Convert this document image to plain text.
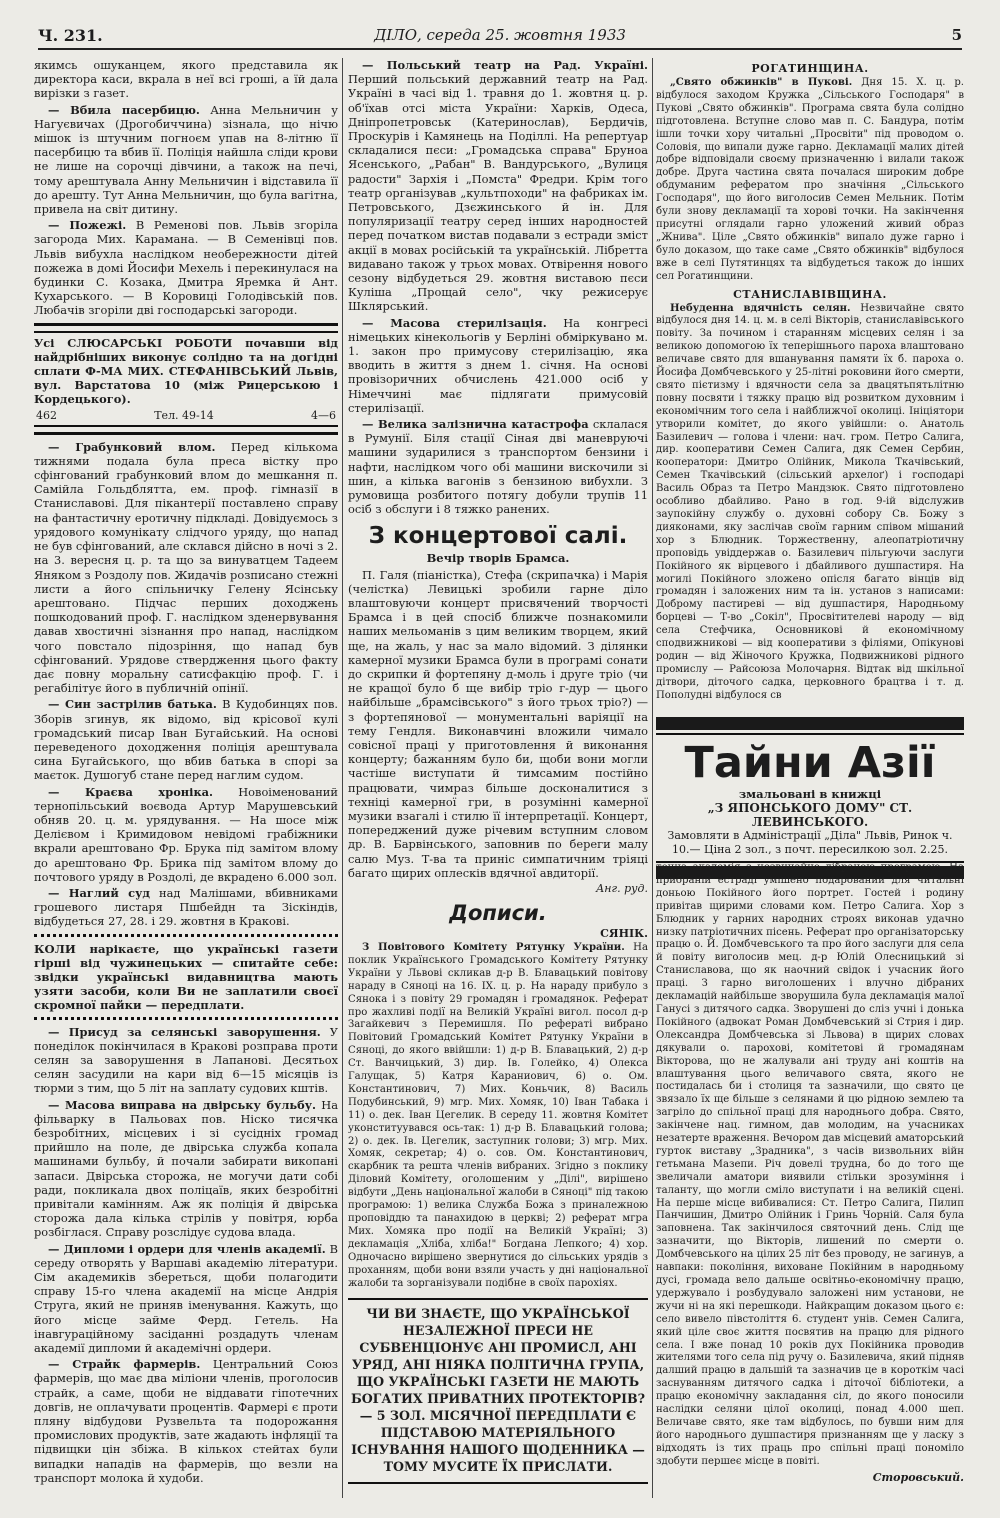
Ч. 231.	ДІЛО, середа 25. жовтня 1933	5

якимсь ошуканцем, якого представила як директора каси, вкрала в неї всі гроші, а їй дала вирізки з газет.

— Вбила пасербицю. Анна Мельничин у Нагуєвичах (Дрогобиччина) зізнала, що нічю мішок із штучним погноєм упав на 8-літню її пасербицю та вбив її. Поліція найшла сліди крови не лише на сорочці дівчини, а також на печі, тому арештувала Анну Мельничин і відставила її до арешту. Тут Анна Мельничин, що була вагітна, привела на світ дитину.

— Пожежі. В Ременові пов. Львів згоріла загорода Мих. Карамана. — В Семенівці пов. Львів вибухла наслідком необережности дітей пожежа в домі Йосифи Мехель і перекинулася на будинки С. Козака, Дмитра Яремка й Ант. Кухарського. — В Коровиці Голодівській пов. Любачів згоріли дві господарські загороди.

Усі СЛЮСАРСЬКІ РОБОТИ почавши від найдрібніших виконує солідно та на догідні сплати Ф-МА МИХ. СТЕФАНІВСЬКИЙ Львів, вул. Варстатова 10 (між Рицерською і Кордецького).

462	Тел. 49-14	4—6

— Грабунковий влом. Перед кількома тижнями подала була преса вістку про сфінгований грабунковий влом до мешкання п. Самійла Гольдблятта, ем. проф. гімназії в Станиславові. Для пікантерії поставлено справу на фантастичну еротичну підкладі. Довідуємось з урядового комунікату слідчого уряду, що напад не був сфінгований, але склався дійсно в ночі з 2. на 3. вересня ц. р. та що за винуватцем Тадеем Яняком з Роздолу пов. Жидачів розписано стежні листи а його спільничку Гелену Ясінську арештовано. Підчас перших доходжень пошкодований проф. Г. наслідком зденервування давав хвостичні зізнання про напад, наслідком чого повстало підозріння, що напад був сфінгований. Урядове ствердження цього факту дає повну моральну сатисфакцію проф. Г. і регабілітує його в публичній опінії.

— Син застрілив батька. В Кудобинцях пов. Зборів згинув, як відомо, від крісової кулі громадський писар Іван Бугайський. На основі переведеного доходження поліція арештувала сина Бугайського, що вбив батька в спорі за маєток. Душогуб стане перед наглим судом.

— Краєва хроніка. Новоіменований тернопільський воєвода Артур Марушевський обняв 20. ц. м. урядування. — На шосе між Делієвом і Кримидовом невідомі грабіжники вкрали арештовано Фр. Брука під замітом вломy до арештовано Фр. Брика під замітом вломy до почтового уряду в Роздолі, де вкрадено 6.000 зол.

— Наглий суд над Малішами, вбивниками грошевого листаря Пшбейдн та Зіскіндів, відбудеться 27, 28. і 29. жовтня в Кракові.

КОЛИ нарікаєте, що українські газети гірші від чужинецьких — спитайте себе: звідки українські видавництва мають узяти засоби, коли Ви не заплатили своєї скромної пайки — передплати.

— Присуд за селянські заворушення. У понеділок покінчилася в Кракові розправа проти селян за заворушення в Лапанові. Десятьох селян засудили на кари від 6—15 місяців із тюрми з тим, що 5 літ на заплату судових кштів.

— Масова виправа на двірську бульбу. На фільварку в Пальоваx пов. Ніско тисячка безробітних, місцевих і зі сусідніх громад прийшло на поле, де двірська служба копала машинами бульбу, й почали забирати викопані запаси. Двірська сторожа, не могучи дати собі ради, покликала двох поліцаїв, яких безробітні привітали камінням. Аж як поліція й двірська сторожа дала кілька стрілів у повітря, юрба розбіглася. Справу розслідує судова влада.

— Дипломи і ордери для членів академії. В середу отворять у Варшаві академію літератури. Сім академиків збереться, щоби полагодити справу 15-го члена академії на місце Андрія Струга, який не приняв іменування. Кажуть, що його місце займе Ферд. Гетель. На інавгураційному засіданні роздадуть членам академії дипломи й академічні ордери.

— Страйк фармерів. Центральний Союз фармерів, що має два міліони членів, проголосив страйк, а саме, щоби не віддавати гіпотечних довгів, не оплачувати процентів. Фармері є проти пляну відбудови Рузвельта та подорожання промислових продуктів, зате жадають інфляції та підвищки цін збіжа. В кількох стейтах були випадки нападів на фармерів, що везли на транспорт молока й худоби.

— Польський театр на Рад. Україні. Перший польський державний театр на Рад. Україні в часі від 1. травня до 1. жовтня ц. р. об'їхав отсі міста України: Харків, Одеса, Дніпропетровськ (Катеринослав), Бердичів, Проскурів і Камянець на Поділлі. На репертуар складалися пєси: „Громадська справа" Бруноа Ясенського, „Рабан" В. Вандурського, „Вулиця радости" Зархія і „Помста" Фредри. Крім того театр організував „культпоходи" на фабриках ім. Петровського, Дзєжинського й ін. Для популяризації театру серед інших народностей перед початком вистав подавали з естради зміст акції в мовах російській та українській. Лібретта видавано також у трьох мовах. Отвірення нового сезону відбудеться 29. жовтня виставою пєси Куліша „Прощай село", чку режисерує Шклярський.

— Масова стерилізація. На конгресі німецьких кінекольогів у Берліні обміркувано м. 1. закон про примусову стерилізацію, яка вводить в життя з днем 1. січня. На основі провізоричних обчислень 421.000 осіб у Німеччині має підлягати примусовій стерилізації.

— Велика залізнична катастрофа склалася в Румунії. Біля стації Сіная дві маневруючі машини зударилися з транспортом бензини і нафти, наслідком чого обі машини вискочили зі шин, а кілька вагонів з бензиною вибухли. З румовища розбитого потягу добули трупів 11 осіб з обслуги і 8 тяжко ранених.

З концертової салі.
Вечір творів Брамса.

П. Галя (піаністка), Стефа (скрипачка) і Марія (челістка) Левицькі зробили гарне діло влаштовуючи концерт присвячений творчості Брамса і в цей спосіб ближче познакомили наших мельоманів з цим великим творцем, який ще, на жаль, у нас за мало відомий. З ділянки камерної музики Брамса були в програмі сонати до скрипки й фортепяну д-моль і друге тріо (чи не кращої було б ще вибір тріо г-дур — цього найбільше „брамсівського" з його трьох тріо?) — з фортепянової — монументальні варіяції на тему Гендля. Виконавчині вложили чимало совісної праці у приготовлення й виконання концерту; бажанням було би, щоби вони могли частіше виступати й тимсамим постійно працювати, чимраз більше досконалитися з техніці камерної гри, в розумінні камерної музики взагалі і стилю її інтерпретації. Концерт, попереджений дуже річевим вступним словом др. В. Барвінського, заповнив по береги малу салю Муз. Т-ва та приніс симпатичним тріяці багато щирих оплесків вдячної авдиторії.

Анг. руд.
Дописи.
СЯНІК.

З Повітового Комітету Рятунку України. На поклик Українського Громадського Комітету Рятунку України у Львові скликав д-р В. Блавацький повітову нараду в Сяноці на 16. IX. ц. р. На нараду прибуло з Сянока і з повіту 29 громадян і громадянок. Реферат про жахливі події на Великій Україні вигол. посол д-р Загайкевич з Перемишля. По рефераті вибрано Повітовий Громадський Комітет Рятунку України в Сяноці, до якого ввійшли: 1) д-р В. Блавацький, 2) д-р Ст. Ванчицький, 3) дир. Ів. Голейко, 4) Олекса Галущак, 5) Катря Караниович, 6) о. Ом. Константинович, 7) Мих. Коньчик, 8) Василь Подубинський, 9) мгр. Мих. Хомяк, 10) Іван Табака і 11) о. дек. Іван Цегелик. В середу 11. жовтня Комітет уконституувався ось-так: 1) д-р В. Блавацький голова; 2) о. дек. Ів. Цегелик, заступник голови; 3) мгр. Мих. Хомяк, секретар; 4) о. сов. Ом. Константинович, скарбник та решта членів вибраних. Згідно з поклику Діловий Комітету, оголошеним у „Ділі", вирішено відбути „День національної жалоби в Сяноці" під такою програмою: 1) велика Служба Божа з приналежною проповіддю та панахидою в церкві; 2) реферат мгра Мих. Хомяка про події на Великій Україні; 3) декламація „Хліба, хліба!" Богдана Лепкого; 4) хор. Одночасно вирішено звернутися до сільських урядів з проханням, щоби вони взяли участь у дні національної жалоби та зорганізували подібне в своїх парохіях.

ЧИ ВИ ЗНАЄТЕ, ЩО УКРАЇНСЬКОЇ НЕЗАЛЕЖНОЇ ПРЕСИ НЕ СУБВЕНЦІОНУЄ АНІ ПРОМИСЛ, АНІ УРЯД, АНІ НІЯКА ПОЛІТИЧНА ГРУПА, ЩО УКРАЇНСЬКІ ГАЗЕТИ НЕ МАЮТЬ БОГАТИХ ПРИВАТНИХ ПРОТЕКТОРІВ? — 5 ЗОЛ. МІСЯЧНОЇ ПЕРЕДПЛАТИ Є ПІДСТАВОЮ МАТЕРІЯЛЬНОГО ІСНУВАННЯ НАШОГО ЩОДЕННИКА — ТОМУ МУСИТЕ ЇХ ПРИСЛАТИ.

РОГАТИНЩИНА.

„Свято обжинків" в Пукові. Дня 15. X. ц. р. відбулося заходом Кружка „Сільського Господаря" в Пукові „Свято обжинків". Програма свята була солідно підготовлена. Вступне слово мав п. С. Бандура, потім ішли точки хору читальні „Просвіти" під проводом о. Соловія, що випали дуже гарно. Декламації малих дітей добре відповідали своєму призначенню і вилали також добре. Друга частина свята почалася широким добре обдуманим рефератом про значіння „Сільського Господаря", що його виголосив Семен Мельник. Потім були знову декламації та хорові точки. На закінчення присутні оглядали гарно уложений живий образ „Жнива". Ціле „Свято обжинків" випало дуже гарно і було доказом, що таке саме „Свято обжинків" відбулося вже в селі Путятинцях та відбудеться також до інших сел Рогатинщини.

СТАНИСЛАВІВЩИНА.

Небуденна вдячність селян. Незвичайне свято відбулося дня 14. ц. м. в селі Вікторів, станиславівського повіту. За почином і старанням місцевих селян і за великою допомогою їх теперішнього пароха влаштовано величаве свято для вшанування памяти їх б. пароха о. Йосифа Домбчевського у 25-літні роковини його смерти, свято пієтизму і вдячности села за двацятьпятьлітню повну посвяти і тяжку працю від розвитком духовним і економічним того села і найближчої околиці. Ініціятори утворили комітет, до якого увійшли: о. Анатоль Базилевич — голова і члени: нач. гром. Петро Салига, дир. кооперативи Семен Салига, дяк Семен Сербин, кооператори: Дмитро Олійник, Микола Ткачівський, Семен Ткачівський (сільський архелоґ) і господарі Василь Образ та Петро Мандзюк. Свято підготовлено особливо дбайливо. Рано в год. 9-ій відслужив заупокійну службу о. духовні собору Св. Божу з дияконами, яку заслічав своїм гарним співом мішаний хор з Блюдник. Торжественну, алеопатріотичну проповідь увіддержав о. Базилевич пільгуючи заслуги Покійного як вірцевого і дбайливого душпастиря. На могилі Покійного зложено опісля багато вінців від громадян і заложених ним та ін. установ з написами: Доброму пастиреві — від душпастиря, Народньому борцеві — Т-во „Сокіл", Просвітителеві народу — від села Стефчика, Основниковi й економічному сподвижникові — від кооперативи з філіями, Опікунові родин — від Жіночого Кружка, Подвижникові рідного промислу — Райсоюзa Молочарня. Відтак від шкільної дітвори, діточого садка, церковного брацтва і т. д. Пополудні відбулося св

Тайни Азії
змальовані в книжці
„З ЯПОНСЬКОГО ДОМУ" СТ. ЛЕВИНСЬКОГО.
Замовляти в Адміністрації „Діла" Львів, Ринок ч. 10.— Ціна 2 зол., з почт. пересилкою зол. 2.25.

точна академія з незвичайно дібраною програмою. На прибраній естраді умішено подарований для читальні доньою Покійного його портрет. Гостей і родину привітав щирими словами ком. Петро Салига. Хор з Блюдник у гарних народних строях виконав удачно низку патріотичних пісень. Реферат про організаторську працю о. Й. Домбчевського та про його заслуги для села й повіту виголосив мец. д-р Юлій Олесницький зі Станиславова, що як наочний свідок і учасник його праці. З гарно виголошених і влучно дібраних декламацій найбільше зворушила була декламація малої Ганусі з дитячого садка. Зворушені до сліз учні і донька Покійного (адвокат Роман Домбчевський зі Стрия і дир. Олександра Домбчевська зі Львова) в щирих словах дякували о. пароховi, комітетові й громадянам Вікторова, що не жалували ані труду ані коштів на влаштування цього величавого свята, якого не постидалась би і столиця та зазначили, що свято це звязало їх ще більше з селянами й цю рідною землею та загріло до спільної праці для народнього добра. Свято, закінчене нац. гимном, дав молодим, на учасниках незатерте враження. Вечором дав місцевий аматорський гурток виставу „Зрадника", з часів визвольних війн гетьмана Мазепи. Річ довелі трудна, бо до того ще звеличали аматори виявили стільки зрозуміння і таланту, що могли сміло виступати і на великій сцені. На перше місце вибивалися: Ст. Петро Салига, Пилип Панчишин, Дмитро Олійник і Гринь Чорній. Саля була заповнена. Так закінчилося святочний день. Слід ще зазначити, що Вікторів, лишений по смерти о. Домбчевського на цілих 25 літ без проводу, не загинув, а навпаки: покоління, виховане Покійним в народньому дусі, громада вело дальше освітньо-економічну працю, удержувало і розбудувало заложені ним установи, не жучи ні на які перешкоди. Найкращим доказом цього є: село вивело півстоліття 6. студент унів. Семен Салига, який ціле своє життя посвятив на працю для рідного села. І вже понад 10 років дух Покійника проводив жителями того села під ручу о. Базилевича, який підняв далший працю в дальшій та зазначив це в короткім часі заснуванням дитячого садка і діточої бібліотеки, а працю економічну закладання сіл, до якого поносили наслідки селяни цілої околиці, понад 4.000 шеп. Величаве свято, яке там відбулось, по бувши ним для його народнього душпастиря признанням ще у ласку з відходять із тих праць про спільні праці пономіло здобути першеє місце в повіті.

Стоpoвський.
